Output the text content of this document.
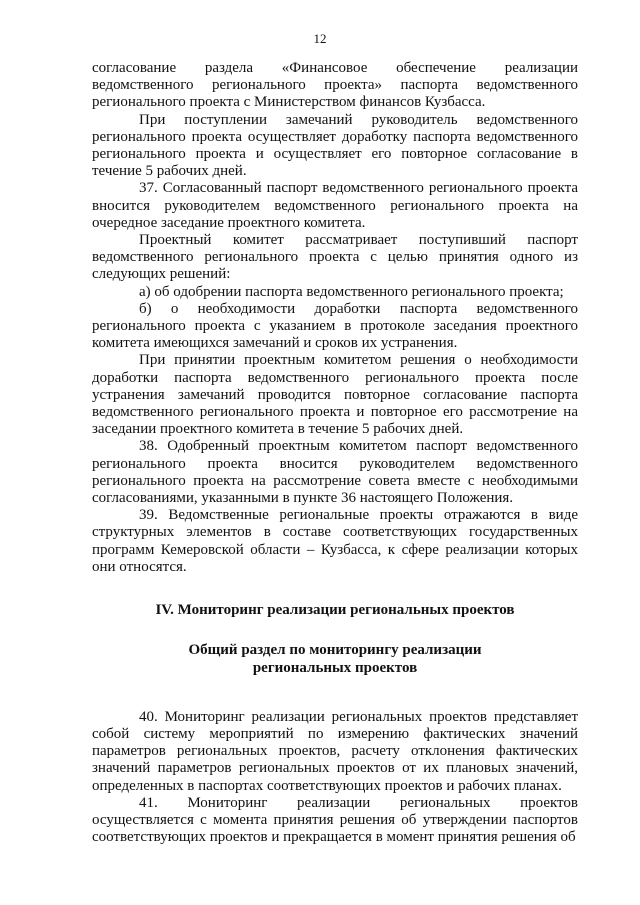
12

согласование раздела «Финансовое обеспечение реализации ведомственного регионального проекта» паспорта ведомственного регионального проекта с Министерством финансов Кузбасса.

При поступлении замечаний руководитель ведомственного регионального проекта осуществляет доработку паспорта ведомственного регионального проекта и осуществляет его повторное согласование в течение 5 рабочих дней.

37. Согласованный паспорт ведомственного регионального проекта вносится руководителем ведомственного регионального проекта на очередное заседание проектного комитета.

Проектный комитет рассматривает поступивший паспорт ведомственного регионального проекта с целью принятия одного из следующих решений:

а) об одобрении паспорта ведомственного регионального проекта;

б) о необходимости доработки паспорта ведомственного регионального проекта с указанием в протоколе заседания проектного комитета имеющихся замечаний и сроков их устранения.

При принятии проектным комитетом решения о необходимости доработки паспорта ведомственного регионального проекта после устранения замечаний проводится повторное согласование паспорта ведомственного регионального проекта и повторное его рассмотрение на заседании проектного комитета в течение 5 рабочих дней.

38. Одобренный проектным комитетом паспорт ведомственного регионального проекта вносится руководителем ведомственного регионального проекта на рассмотрение совета вместе с необходимыми согласованиями, указанными в пункте 36 настоящего Положения.

39. Ведомственные региональные проекты отражаются в виде структурных элементов в составе соответствующих государственных программ Кемеровской области – Кузбасса, к сфере реализации которых они относятся.

IV. Мониторинг реализации региональных проектов
Общий раздел по мониторингу реализации
региональных проектов

40. Мониторинг реализации региональных проектов представляет собой систему мероприятий по измерению фактических значений параметров региональных проектов, расчету отклонения фактических значений параметров региональных проектов от их плановых значений, определенных в паспортах соответствующих проектов и рабочих планах.

41. Мониторинг реализации региональных проектов осуществляется с момента принятия решения об утверждении паспортов соответствующих проектов и прекращается в момент принятия решения об
